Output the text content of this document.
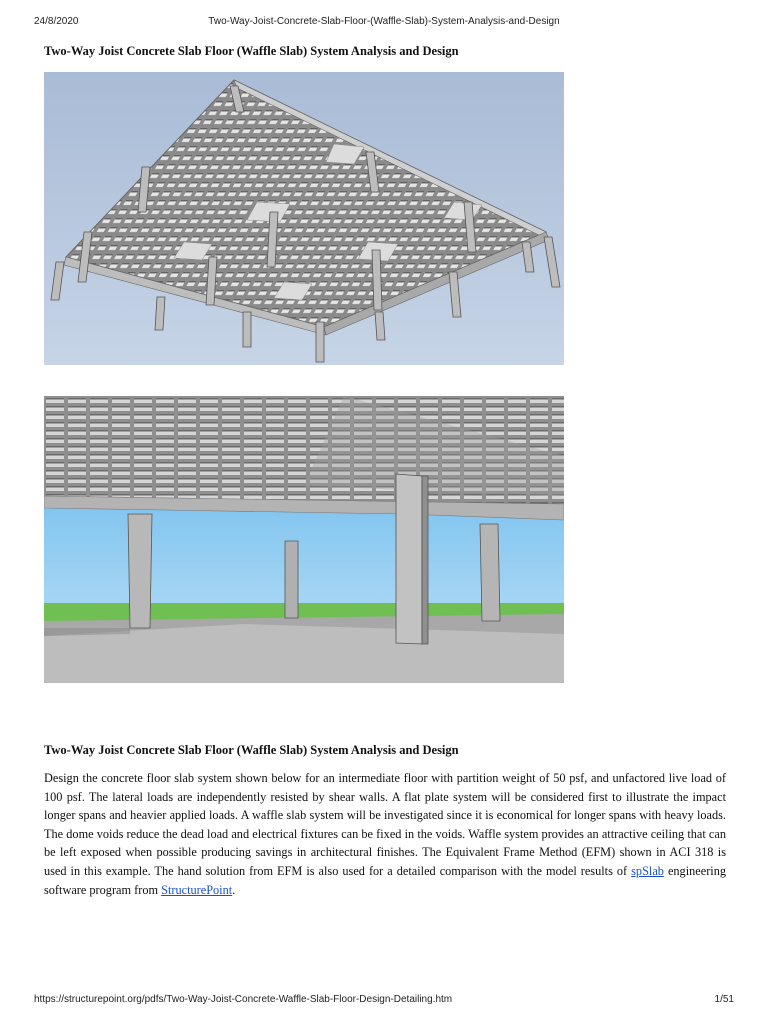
24/8/2020	Two-Way-Joist-Concrete-Slab-Floor-(Waffle-Slab)-System-Analysis-and-Design
Two-Way Joist Concrete Slab Floor (Waffle Slab) System Analysis and Design
Two-Way Joist Concrete Slab Floor (Waffle Slab) System Analysis and Design

Design the concrete floor slab system shown below for an intermediate floor with partition weight of 50 psf, and unfactored live load of 100 psf. The lateral loads are independently resisted by shear walls. A flat plate system will be considered first to illustrate the impact longer spans and heavier applied loads. A waffle slab system will be investigated since it is economical for longer spans with heavy loads. The dome voids reduce the dead load and electrical fixtures can be fixed in the voids. Waffle system provides an attractive ceiling that can be left exposed when possible producing savings in architectural finishes. The Equivalent Frame Method (EFM) shown in ACI 318 is used in this example. The hand solution from EFM is also used for a detailed comparison with the model results of spSlab engineering software program from StructurePoint.

https://structurepoint.org/pdfs/Two-Way-Joist-Concrete-Waffle-Slab-Floor-Design-Detailing.htm	1/51
